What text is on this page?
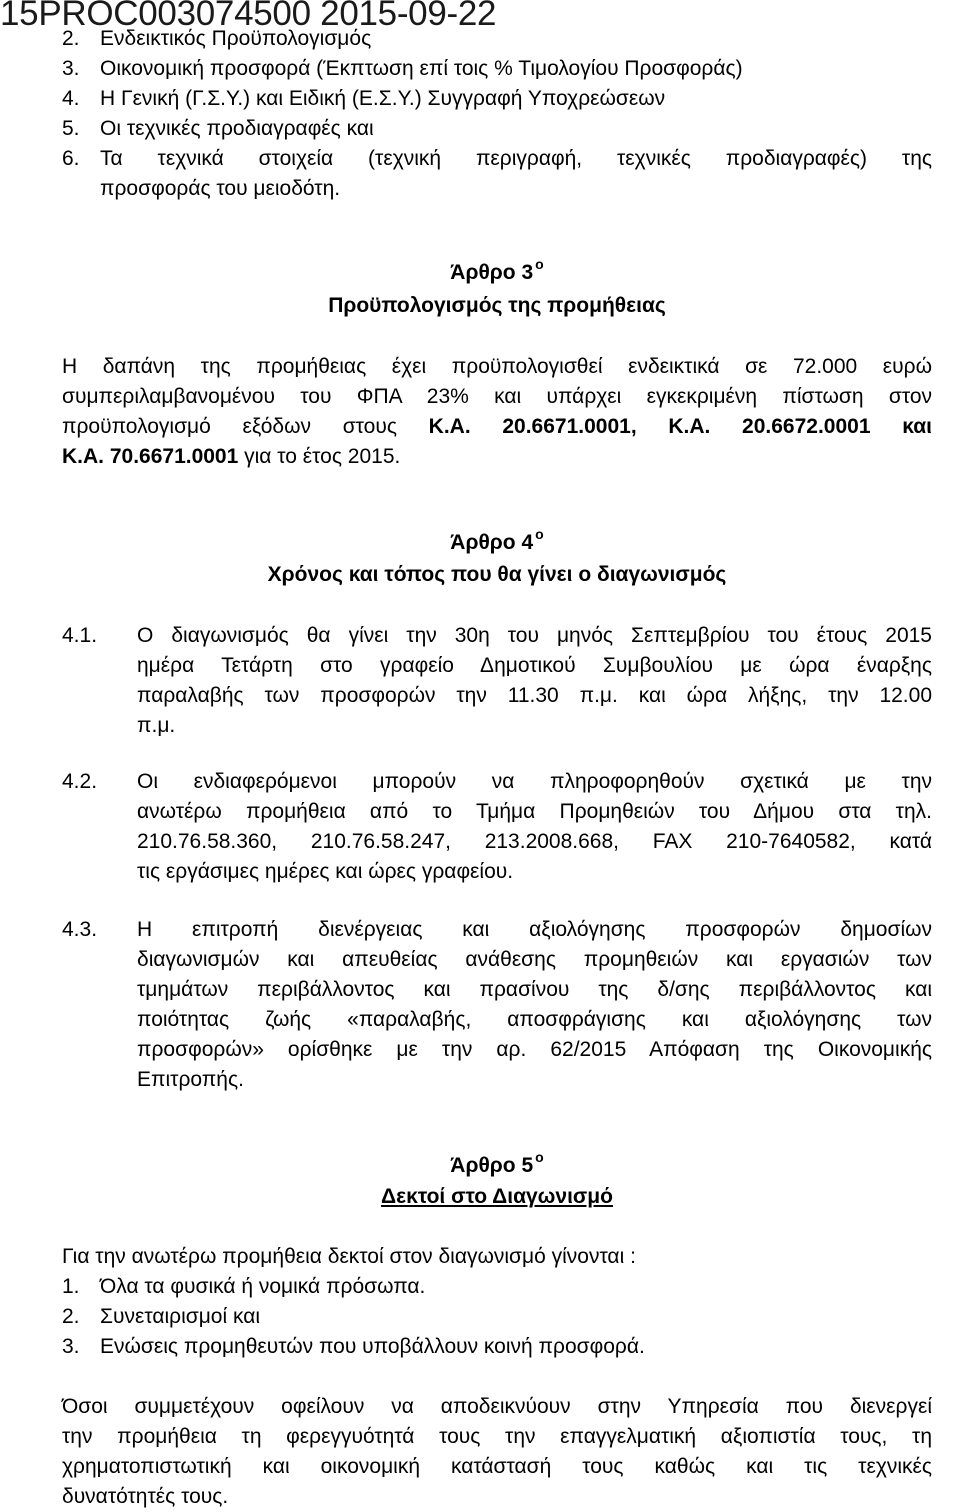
15PROC003074500 2015-09-22
2. Ενδεικτικός Προϋπολογισμός
3. Οικονομική προσφορά (Έκπτωση επί τοις % Τιμολογίου Προσφοράς)
4. Η Γενική (Γ.Σ.Υ.) και Ειδική (Ε.Σ.Υ.) Συγγραφή Υποχρεώσεων
5. Οι τεχνικές προδιαγραφές και
6. Τα τεχνικά στοιχεία (τεχνική περιγραφή, τεχνικές προδιαγραφές) της
προσφοράς του μειοδότη.
Άρθρο 3 $^o$
Προϋπολογισμός της προμήθειας
Η δαπάνη της προμήθειας έχει προϋπολογισθεί ενδεικτικά σε 72.000 ευρώ
συμπεριλαμβανομένου του ΦΠΑ 23% και υπάρχει εγκεκριμένη πίστωση στον
προϋπολογισμό εξόδων στους Κ.Α. 20.6671.0001, Κ.Α. 20.6672.0001 και
Κ.Α. 70.6671.0001 για το έτος 2015.
Άρθρο 4 $^o$
Χρόνος και τόπος που θα γίνει ο διαγωνισμός
4.1. Ο διαγωνισμός θα γίνει την 30η του μηνός Σεπτεμβρίου του έτους 2015
ημέρα Τετάρτη στο γραφείο Δημοτικού Συμβουλίου με ώρα έναρξης
παραλαβής των προσφορών την 11.30 π.μ. και ώρα λήξης, την 12.00
π.μ.
4.2. Οι ενδιαφερόμενοι μπορούν να πληροφορηθούν σχετικά με την
ανωτέρω προμήθεια από το Τμήμα Προμηθειών του Δήμου στα τηλ.
210.76.58.360, 210.76.58.247, 213.2008.668, FAX 210-7640582, κατά
τις εργάσιμες ημέρες και ώρες γραφείου.
4.3. Η επιτροπή διενέργειας και αξιολόγησης προσφορών δημοσίων
διαγωνισμών και απευθείας ανάθεσης προμηθειών και εργασιών των
τμημάτων περιβάλλοντος και πρασίνου της δ/σης περιβάλλοντος και
ποιότητας ζωής «παραλαβής, αποσφράγισης και αξιολόγησης των
προσφορών» ορίσθηκε με την αρ. 62/2015 Απόφαση της Οικονομικής
Επιτροπής.
Άρθρο 5 $^o$
Δεκτοί στο Διαγωνισμό
Για την ανωτέρω προμήθεια δεκτοί στον διαγωνισμό γίνονται :
1. Όλα τα φυσικά ή νομικά πρόσωπα.
2. Συνεταιρισμοί και
3. Ενώσεις προμηθευτών που υποβάλλουν κοινή προσφορά.
Όσοι συμμετέχουν οφείλουν να αποδεικνύουν στην Υπηρεσία που διενεργεί
την προμήθεια τη φερεγγυότητά τους την επαγγελματική αξιοπιστία τους, τη
χρηματοπιστωτική και οικονομική κατάστασή τους καθώς και τις τεχνικές
δυνατότητές τους.
